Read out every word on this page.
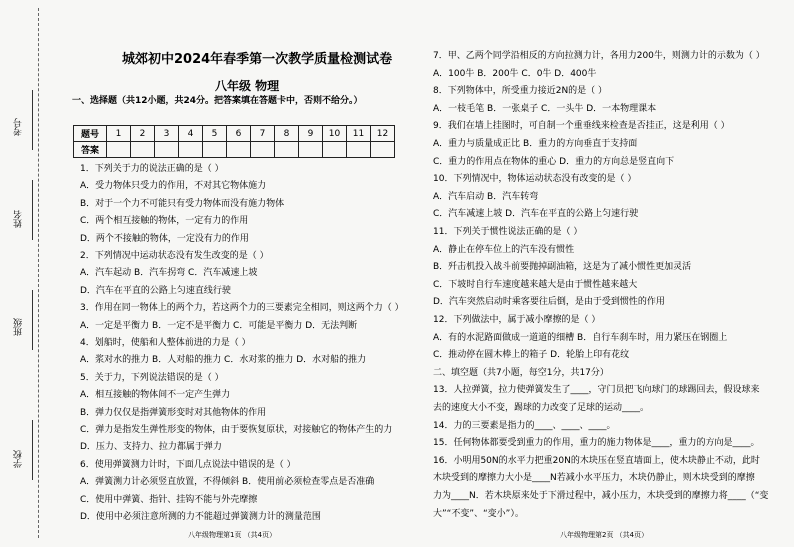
考号
姓名
班级
学校
城郊初中2024年春季第一次教学质量检测试卷
八年级 物理
一、选择题（共12小题，共24分。把答案填在答题卡中，否则不给分。）
题号	1	2	3	4	5	6	7	8	9	10	11	12
答案												
1．下列关于力的说法正确的是（ ）
A．受力物体只受力的作用，不对其它物体施力
B．对于一个力不可能只有受力物体而没有施力物体
C．两个相互接触的物体，一定有力的作用
D．两个不接触的物体，一定没有力的作用
2．下列情况中运动状态没有发生改变的是（ ）
A．汽车起动 B．汽车拐弯 C．汽车减速上坡
D．汽车在平直的公路上匀速直线行驶
3．作用在同一物体上的两个力，若这两个力的三要素完全相同，则这两个力（ ）
A．一定是平衡力 B．一定不是平衡力 C．可能是平衡力 D．无法判断
4．划船时，使船和人整体前进的力是（ ）
A．浆对水的推力 B．人对船的推力 C．水对浆的推力 D．水对船的推力
5．关于力，下列说法错误的是（ ）
A．相互接触的物体间不一定产生弹力
B．弹力仅仅是指弹簧形变时对其他物体的作用
C．弹力是指发生弹性形变的物体，由于要恢复原状，对接触它的物体产生的力
D．压力、支持力、拉力都属于弹力
6．使用弹簧测力计时，下面几点说法中错误的是（ ）
A．弹簧测力计必须竖直放置，不得倾斜 B．使用前必须检查零点是否准确
C．使用中弹簧、指针、挂钩不能与外壳摩擦
D．使用中必须注意所测的力不能超过弹簧测力计的测量范围
八年级物理第1页 （共4页）
7．甲、乙两个同学沿相反的方向拉测力计，各用力200牛，则测力计的示数为（ ）
A．100牛 B．200牛 C．0牛 D．400牛
8．下列物体中，所受重力接近2N的是（ ）
A．一枝毛笔 B．一张桌子 C．一头牛 D．一本物理课本
9．我们在墙上挂图时，可自制一个重垂线来检查是否挂正，这是利用（ ）
A．重力与质量成正比 B．重力的方向垂直于支持面
C．重力的作用点在物体的重心 D．重力的方向总是竖直向下
10．下列情况中，物体运动状态没有改变的是（ ）
A．汽车启动 B．汽车转弯
C．汽车减速上坡 D．汽车在平直的公路上匀速行驶
11．下列关于惯性说法正确的是（ ）
A．静止在停车位上的汽车没有惯性
B．歼击机投入战斗前要抛掉副油箱，这是为了减小惯性更加灵活
C．下坡时自行车速度越来越大是由于惯性越来越大
D．汽车突然启动时乘客要往后倒，是由于受到惯性的作用
12．下列做法中，属于减小摩擦的是（ ）
A．有的水泥路面做成一道道的细槽 B．自行车刹车时，用力紧压在钢圈上
C．推动停在圆木棒上的箱子 D．轮胎上印有花纹
二、填空题（共7小题，每空1分，共17分）
13．人拉弹簧，拉力使弹簧发生了____，守门员把飞向球门的球踢回去，假设球来
去的速度大小不变，踢球的力改变了足球的运动____。
14．力的三要素是指力的____、____、____。
15．任何物体都要受到重力的作用，重力的施力物体是____，重力的方向是____。
16．小明用50N的水平力把重20N的木块压在竖直墙面上，使木块静止不动，此时
木块受到的摩擦力大小是____N若减小水平压力，木块仍静止，则木块受到的摩擦
力为____N．若木块原来处于下滑过程中，减小压力，木块受到的摩擦力将____（“变
大”“不变”、“变小”）。
八年级物理第2页 （共4页）
